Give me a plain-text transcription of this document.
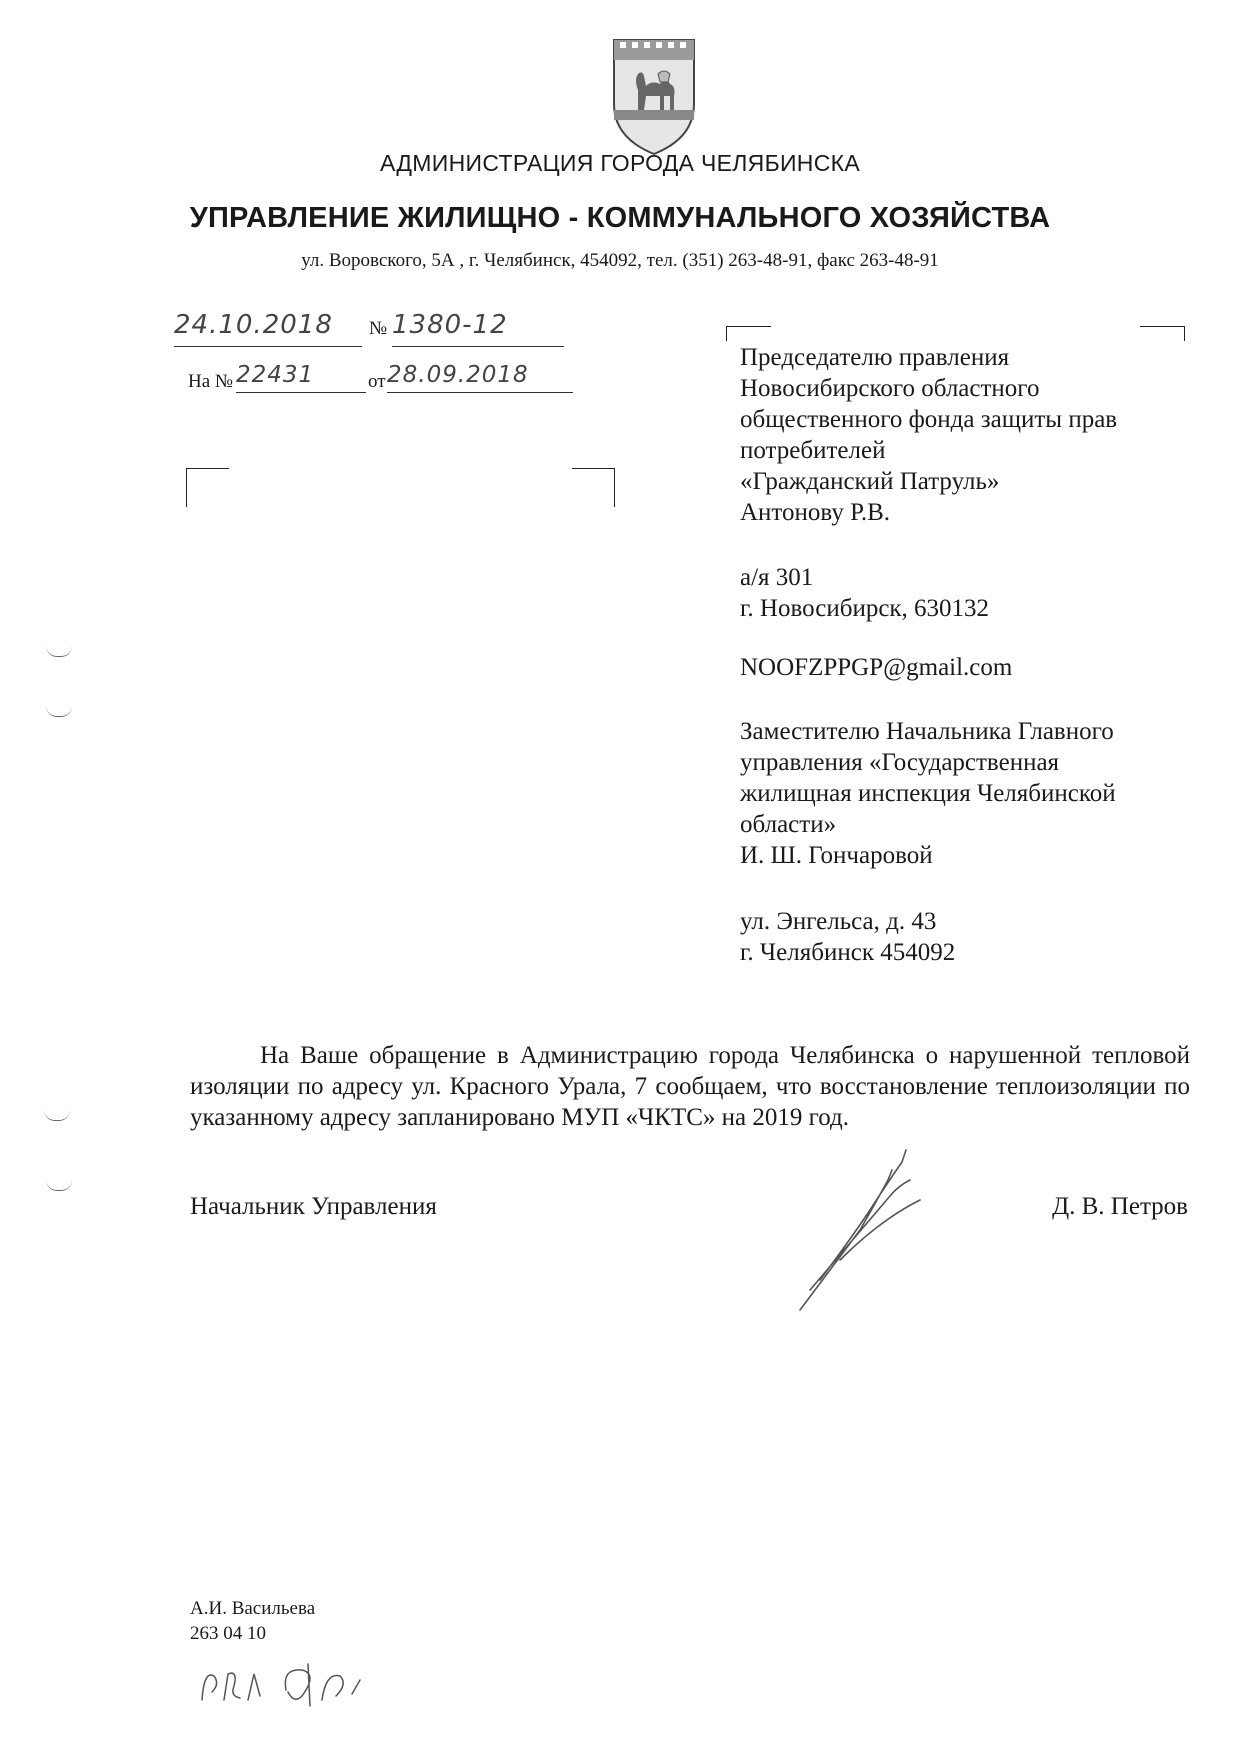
АДМИНИСТРАЦИЯ ГОРОДА ЧЕЛЯБИНСКА
УПРАВЛЕНИЕ ЖИЛИЩНО - КОММУНАЛЬНОГО ХОЗЯЙСТВА
ул. Воровского, 5А , г. Челябинск, 454092, тел. (351) 263-48-91, факс 263-48-91
24.10.2018	№ 1380-12
На № 22431	от 28.09.2018
Председателю правления
Новосибирского областного
общественного фонда защиты прав
потребителей
«Гражданский Патруль»
Антонову Р.В.
а/я 301
г. Новосибирск, 630132
NOOFZPPGP@gmail.com
Заместителю Начальника Главного
управления «Государственная
жилищная инспекция Челябинской
области»
И. Ш. Гончаровой
ул. Энгельса, д. 43
г. Челябинск 454092
На Ваше обращение в Администрацию города Челябинска о нарушенной тепловой изоляции по адресу ул. Красного Урала, 7 сообщаем, что восстановление теплоизоляции по указанному адресу запланировано МУП «ЧКТС» на 2019 год.
Начальник Управления	Д. В. Петров
А.И. Васильева
263 04 10
